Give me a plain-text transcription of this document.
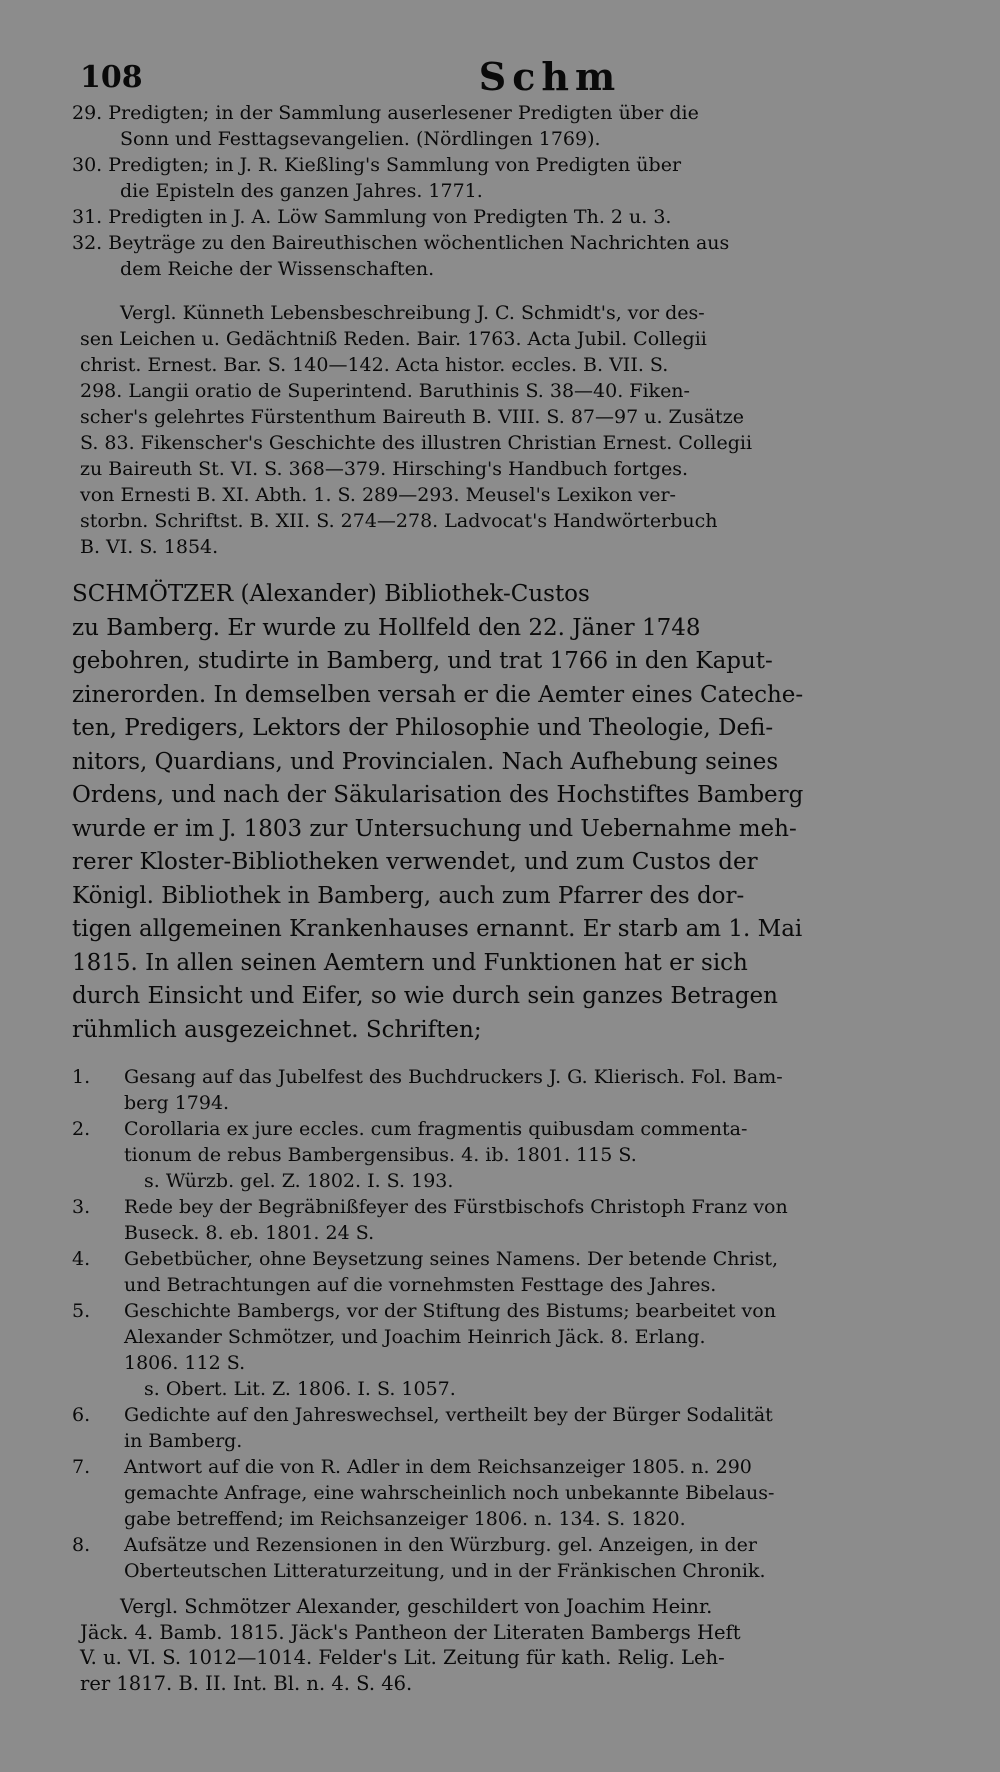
108	Schm
29. Predigten; in der Sammlung auserlesener Predigten über die
Sonn und Festtagsevangelien. (Nördlingen 1769).
30. Predigten; in J. R. Kießling's Sammlung von Predigten über
die Episteln des ganzen Jahres. 1771.
31. Predigten in J. A. Löw Sammlung von Predigten Th. 2 u. 3.
32. Beyträge zu den Baireuthischen wöchentlichen Nachrichten aus
dem Reiche der Wissenschaften.
Vergl. Künneth Lebensbeschreibung J. C. Schmidt's, vor des-
sen Leichen u. Gedächtniß Reden. Bair. 1763. Acta Jubil. Collegii
christ. Ernest. Bar. S. 140—142. Acta histor. eccles. B. VII. S.
298. Langii oratio de Superintend. Baruthinis S. 38—40. Fiken-
scher's gelehrtes Fürstenthum Baireuth B. VIII. S. 87—97 u. Zusätze
S. 83. Fikenscher's Geschichte des illustren Christian Ernest. Collegii
zu Baireuth St. VI. S. 368—379. Hirsching's Handbuch fortges.
von Ernesti B. XI. Abth. 1. S. 289—293. Meusel's Lexikon ver-
storbn. Schriftst. B. XII. S. 274—278. Ladvocat's Handwörterbuch
B. VI. S. 1854.
SCHMÖTZER (Alexander) Bibliothek-Custos
zu Bamberg. Er wurde zu Hollfeld den 22. Jäner 1748
gebohren, studirte in Bamberg, und trat 1766 in den Kaput-
zinerorden. In demselben versah er die Aemter eines Cateche-
ten, Predigers, Lektors der Philosophie und Theologie, Defi-
nitors, Quardians, und Provincialen. Nach Aufhebung seines
Ordens, und nach der Säkularisation des Hochstiftes Bamberg
wurde er im J. 1803 zur Untersuchung und Uebernahme meh-
rerer Kloster-Bibliotheken verwendet, und zum Custos der
Königl. Bibliothek in Bamberg, auch zum Pfarrer des dor-
tigen allgemeinen Krankenhauses ernannt. Er starb am 1. Mai
1815. In allen seinen Aemtern und Funktionen hat er sich
durch Einsicht und Eifer, so wie durch sein ganzes Betragen
rühmlich ausgezeichnet. Schriften;
1. Gesang auf das Jubelfest des Buchdruckers J. G. Klierisch. Fol. Bam-
berg 1794.
2. Corollaria ex jure eccles. cum fragmentis quibusdam commenta-
tionum de rebus Bambergensibus. 4. ib. 1801. 115 S.
s. Würzb. gel. Z. 1802. I. S. 193.
3. Rede bey der Begräbnißfeyer des Fürstbischofs Christoph Franz von
Buseck. 8. eb. 1801. 24 S.
4. Gebetbücher, ohne Beysetzung seines Namens. Der betende Christ,
und Betrachtungen auf die vornehmsten Festtage des Jahres.
5. Geschichte Bambergs, vor der Stiftung des Bistums; bearbeitet von
Alexander Schmötzer, und Joachim Heinrich Jäck. 8. Erlang.
1806. 112 S.
s. Obert. Lit. Z. 1806. I. S. 1057.
6. Gedichte auf den Jahreswechsel, vertheilt bey der Bürger Sodalität
in Bamberg.
7. Antwort auf die von R. Adler in dem Reichsanzeiger 1805. n. 290
gemachte Anfrage, eine wahrscheinlich noch unbekannte Bibelaus-
gabe betreffend; im Reichsanzeiger 1806. n. 134. S. 1820.
8. Aufsätze und Rezensionen in den Würzburg. gel. Anzeigen, in der
Oberteutschen Litteraturzeitung, und in der Fränkischen Chronik.
Vergl. Schmötzer Alexander, geschildert von Joachim Heinr.
Jäck. 4. Bamb. 1815. Jäck's Pantheon der Literaten Bambergs Heft
V. u. VI. S. 1012—1014. Felder's Lit. Zeitung für kath. Relig. Leh-
rer 1817. B. II. Int. Bl. n. 4. S. 46.
